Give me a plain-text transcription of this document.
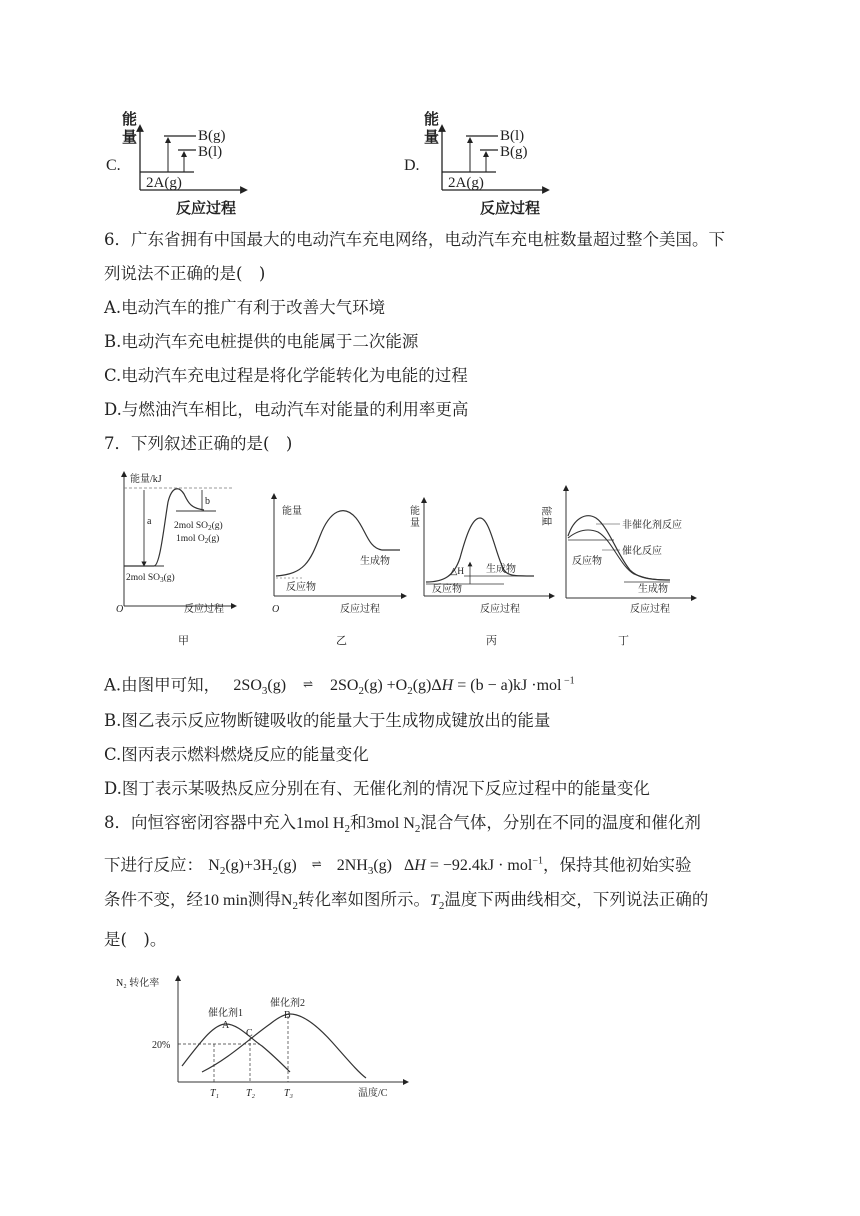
C.
能
量	B(g)
B(l)
2A(g)
反应过程
D.
能
量	B(l)
B(g)
2A(g)
反应过程
6．广东省拥有中国最大的电动汽车充电网络，电动汽车充电桩数量超过整个美国。下
列说法不正确的是(　)
A.电动汽车的推广有利于改善大气环境
B.电动汽车充电桩提供的电能属于二次能源
C.电动汽车充电过程是将化学能转化为电能的过程
D.与燃油汽车相比，电动汽车对能量的利用率更高
7．下列叙述正确的是(　)
能量/kJ
a
b
2mol $SO_2(g)$
1mol $O_2(g)$
2mol $SO_3(g)$
O	反应过程
甲
能量
反应物
生成物
O	反应过程
乙
能
量
△H
反应物
生成物
反应过程
丙
能量	非催化剂反应
催化反应
反应物
生成物
反应过程
丁
A.由图甲可知， $2SO_3(g)$ ⇌ $2SO_2(g) +O_2(g)\Delta H = (b - a)kJ \cdot mol$ $^{-1}$
B.图乙表示反应物断键吸收的能量大于生成物成键放出的能量
C.图丙表示燃料燃烧反应的能量变化
D.图丁表示某吸热反应分别在有、无催化剂的情况下反应过程中的能量变化
8．向恒容密闭容器中充入1mol $H_2$和3mol $N_2$混合气体，分别在不同的温度和催化剂
下进行反应： $N_2(g)+3H_2(g)$ ⇌ $2NH_3(g) \Delta H = -92.4kJ \cdot mol^{-1}$，保持其他初始实验
条件不变，经10 min测得$N_2$转化率如图所示。$T_2$温度下两曲线相交，下列说法正确的
是(　)。
N₂ 转化率
20%
催化剂1
催化剂2
A
B
C
T₁	T₂	T₃	温度/C
